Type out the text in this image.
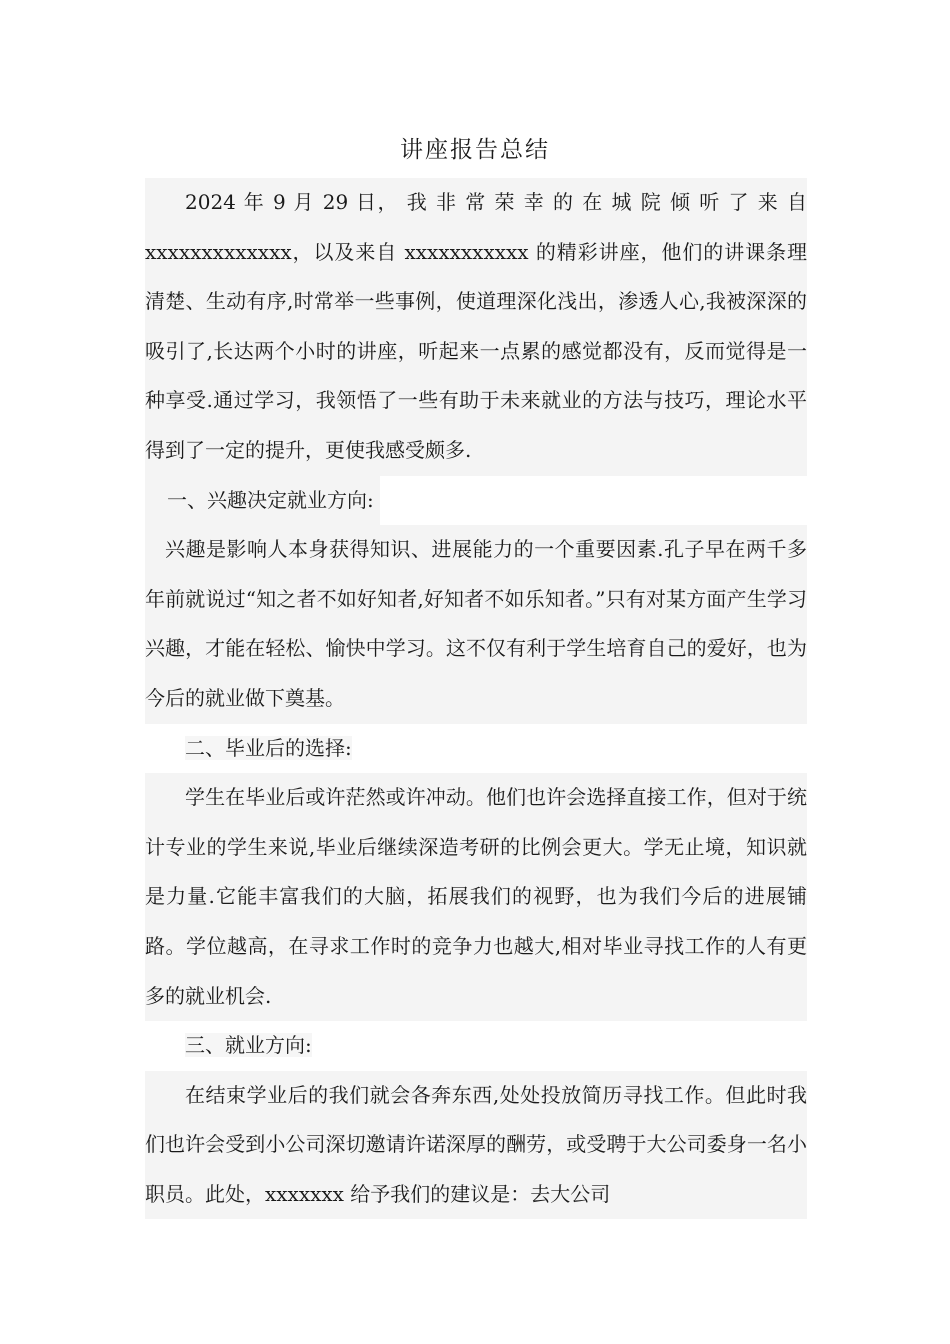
讲座报告总结

2024 年 9 月 29 日， 我 非 常 荣 幸 的 在 城 院 倾 听 了 来 自 xxxxxxxxxxxxx，以及来自 xxxxxxxxxxx 的精彩讲座，他们的讲课条理清楚、生动有序,时常举一些事例，使道理深化浅出，渗透人心,我被深深的吸引了,长达两个小时的讲座，听起来一点累的感觉都没有，反而觉得是一种享受.通过学习，我领悟了一些有助于未来就业的方法与技巧，理论水平得到了一定的提升，更使我感受颇多.

一、兴趣决定就业方向:

兴趣是影响人本身获得知识、进展能力的一个重要因素.孔子早在两千多年前就说过“知之者不如好知者,好知者不如乐知者。”只有对某方面产生学习兴趣，才能在轻松、愉快中学习。这不仅有利于学生培育自己的爱好，也为今后的就业做下奠基。

二、毕业后的选择:

学生在毕业后或许茫然或许冲动。他们也许会选择直接工作，但对于统计专业的学生来说,毕业后继续深造考研的比例会更大。学无止境，知识就是力量.它能丰富我们的大脑，拓展我们的视野，也为我们今后的进展铺路。学位越高，在寻求工作时的竞争力也越大,相对毕业寻找工作的人有更多的就业机会.

三、就业方向:

在结束学业后的我们就会各奔东西,处处投放简历寻找工作。但此时我们也许会受到小公司深切邀请许诺深厚的酬劳，或受聘于大公司委身一名小职员。此处，xxxxxxx 给予我们的建议是：去大公司
